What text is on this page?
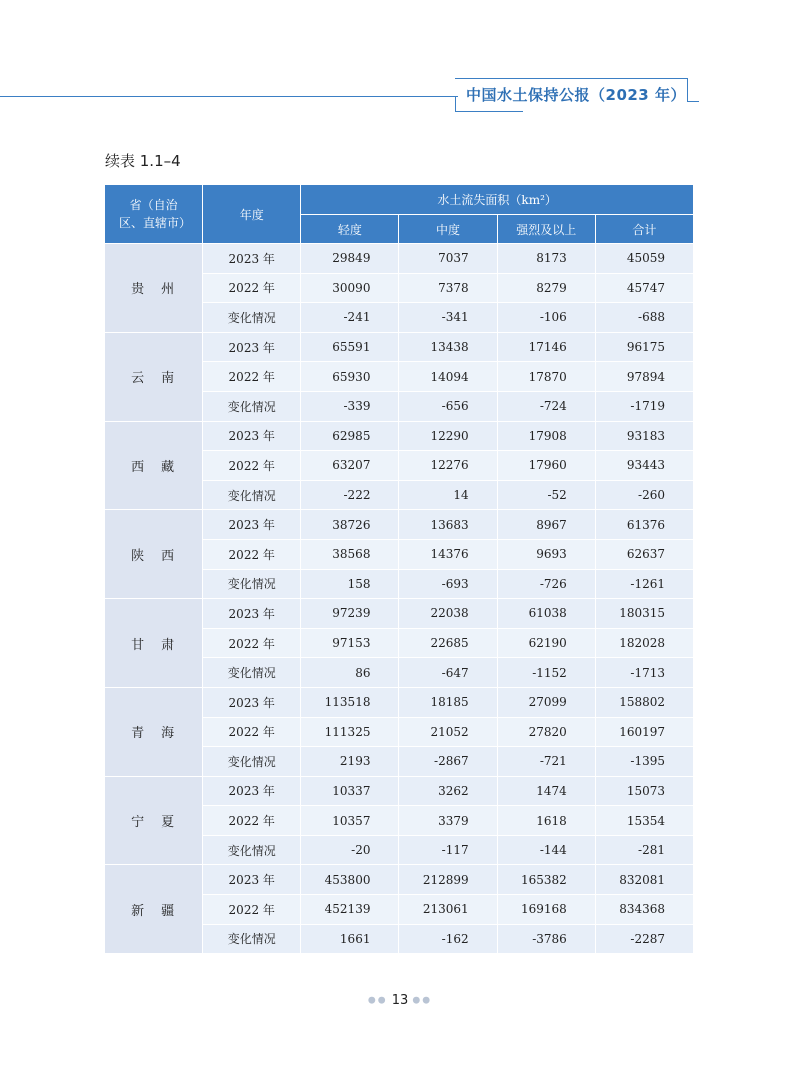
中国水土保持公报（2023 年）
续表 1.1–4
省（自治区、直辖市）	年度	水土流失面积（km²）			
		轻度	中度	强烈及以上	合计
贵　州	2023 年	29849	7037	8173	45059
	2022 年	30090	7378	8279	45747
	变化情况	-241	-341	-106	-688
云　南	2023 年	65591	13438	17146	96175
	2022 年	65930	14094	17870	97894
	变化情况	-339	-656	-724	-1719
西　藏	2023 年	62985	12290	17908	93183
	2022 年	63207	12276	17960	93443
	变化情况	-222	14	-52	-260
陕　西	2023 年	38726	13683	8967	61376
	2022 年	38568	14376	9693	62637
	变化情况	158	-693	-726	-1261
甘　肃	2023 年	97239	22038	61038	180315
	2022 年	97153	22685	62190	182028
	变化情况	86	-647	-1152	-1713
青　海	2023 年	113518	18185	27099	158802
	2022 年	111325	21052	27820	160197
	变化情况	2193	-2867	-721	-1395
宁　夏	2023 年	10337	3262	1474	15073
	2022 年	10357	3379	1618	15354
	变化情况	-20	-117	-144	-281
新　疆	2023 年	453800	212899	165382	832081
	2022 年	452139	213061	169168	834368
	变化情况	1661	-162	-3786	-2287
●● 13 ●●
